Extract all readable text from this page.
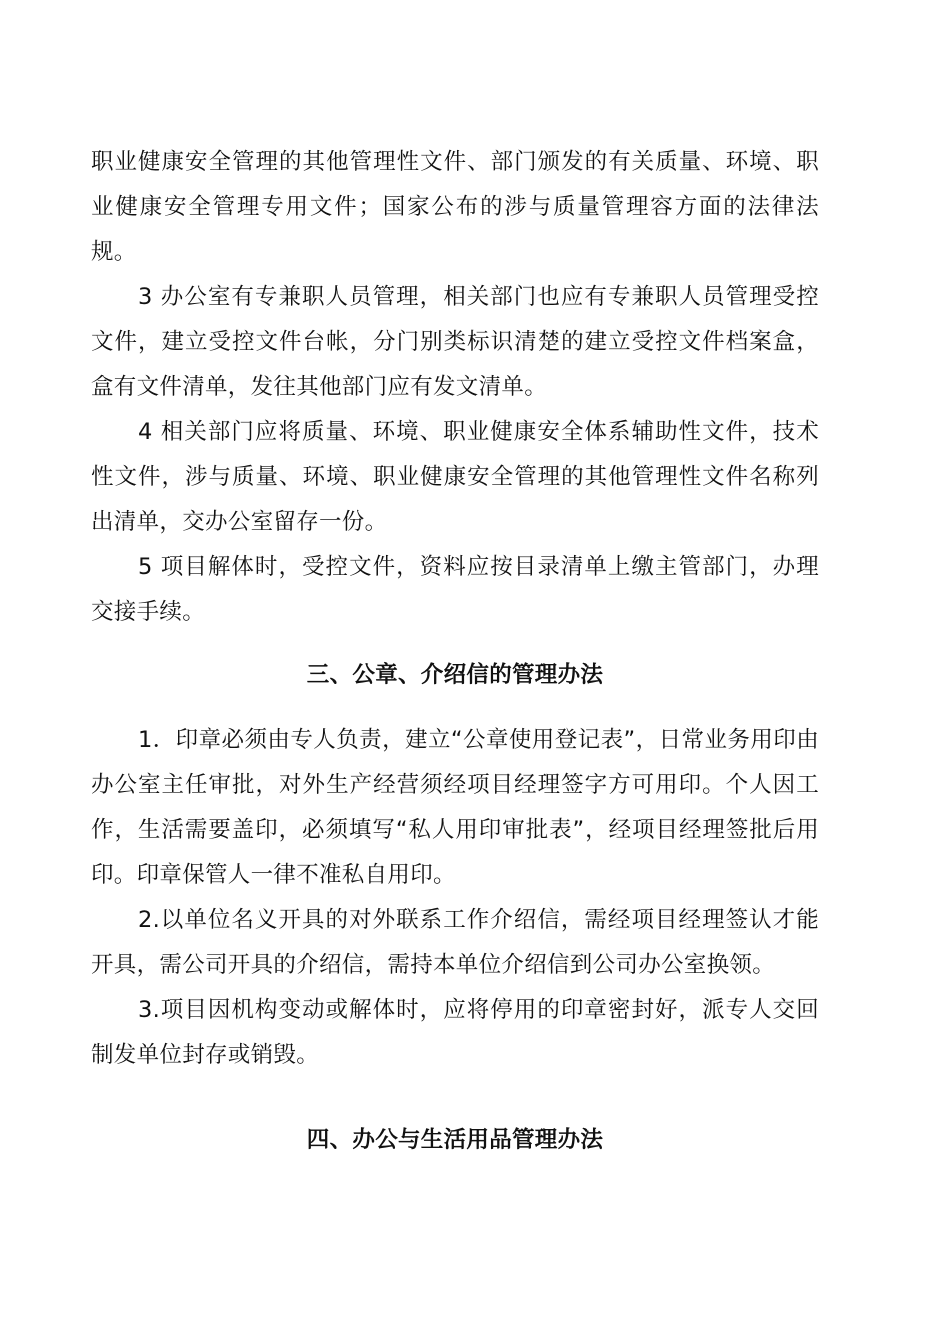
职业健康安全管理的其他管理性文件、部门颁发的有关质量、环境、职业健康安全管理专用文件；国家公布的涉与质量管理容方面的法律法规。

3 办公室有专兼职人员管理，相关部门也应有专兼职人员管理受控文件，建立受控文件台帐，分门别类标识清楚的建立受控文件档案盒，盒有文件清单，发往其他部门应有发文清单。

4 相关部门应将质量、环境、职业健康安全体系辅助性文件，技术性文件，涉与质量、环境、职业健康安全管理的其他管理性文件名称列出清单，交办公室留存一份。

5 项目解体时，受控文件，资料应按目录清单上缴主管部门，办理交接手续。

三、公章、介绍信的管理办法

1．印章必须由专人负责，建立“公章使用登记表”，日常业务用印由办公室主任审批，对外生产经营须经项目经理签字方可用印。个人因工作，生活需要盖印，必须填写“私人用印审批表”，经项目经理签批后用印。印章保管人一律不准私自用印。

2.以单位名义开具的对外联系工作介绍信，需经项目经理签认才能开具，需公司开具的介绍信，需持本单位介绍信到公司办公室换领。

3.项目因机构变动或解体时，应将停用的印章密封好，派专人交回制发单位封存或销毁。

四、办公与生活用品管理办法
